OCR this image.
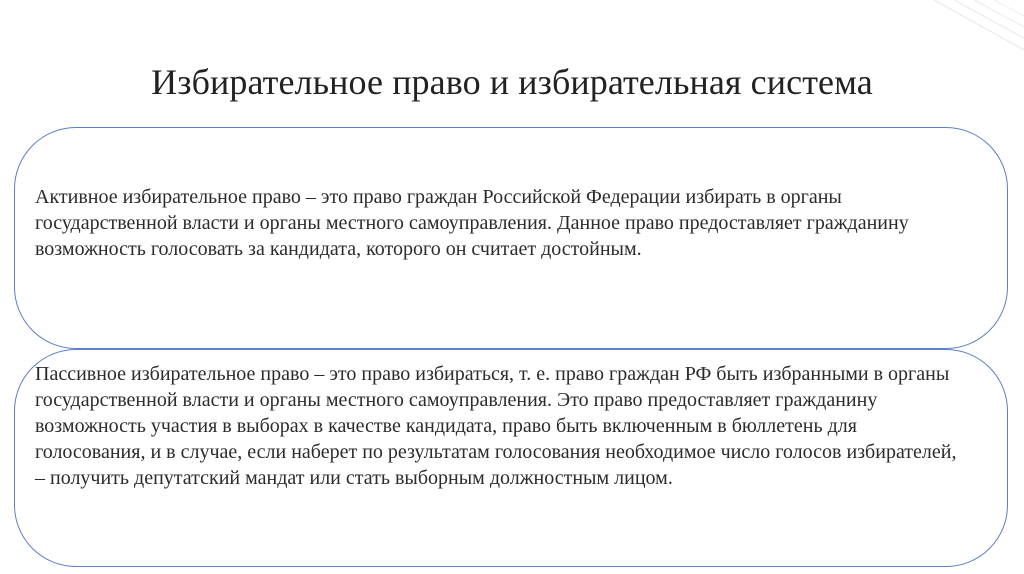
Избирательное право и избирательная система
Активное избирательное право – это право граждан Российской Федерации избирать в органы государственной власти и органы местного самоуправления. Данное право предоставляет гражданину возможность голосовать за кандидата, которого он считает достойным.
Пассивное избирательное право – это право избираться, т. е. право граждан РФ быть избранными в органы государственной власти и органы местного самоуправления. Это право предоставляет гражданину возможность участия в выборах в качестве кандидата, право быть включенным в бюллетень для голосования, и в случае, если наберет по результатам голосования необходимое число голосов избирателей, – получить депутатский мандат или стать выборным должностным лицом.
